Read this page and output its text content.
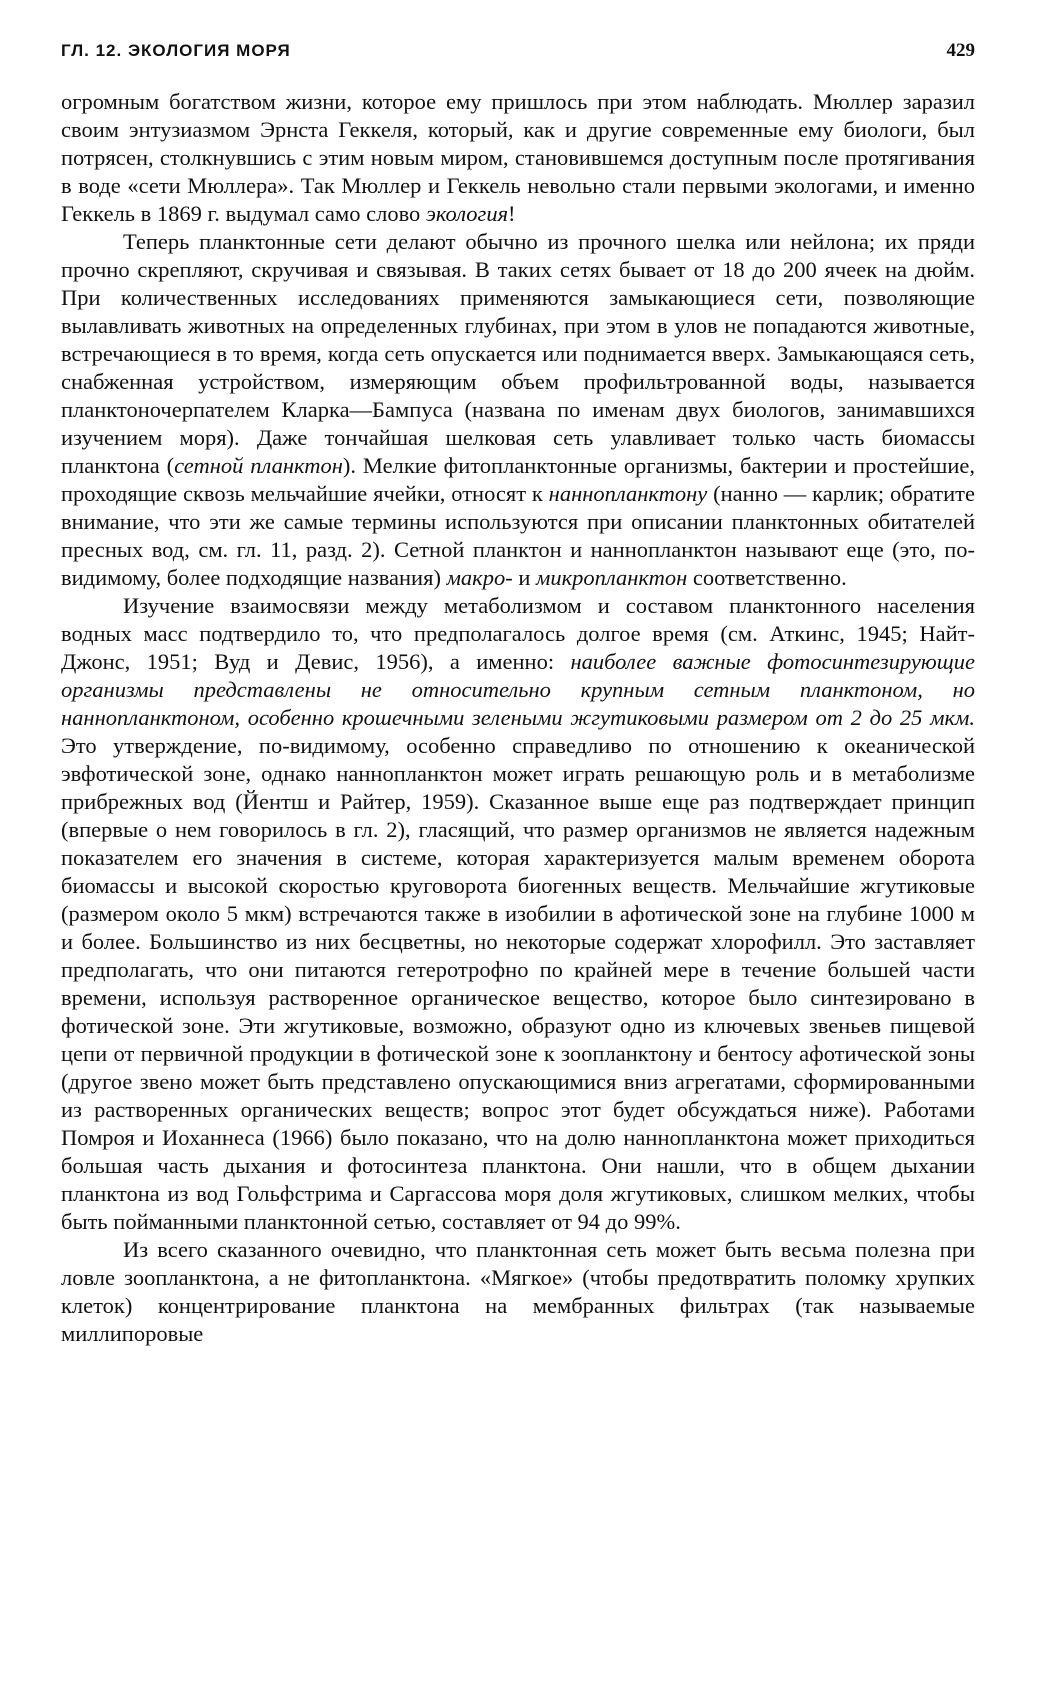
ГЛ. 12. ЭКОЛОГИЯ МОРЯ	429

огромным богатством жизни, которое ему пришлось при этом наблюдать. Мюллер заразил своим энтузиазмом Эрнста Геккеля, который, как и другие современные ему биологи, был потрясен, столкнувшись с этим новым миром, становившемся доступным после протягивания в воде «сети Мюллера». Так Мюллер и Геккель невольно стали первыми экологами, и именно Геккель в 1869 г. выдумал само слово экология!

Теперь планктонные сети делают обычно из прочного шелка или нейлона; их пряди прочно скрепляют, скручивая и связывая. В таких сетях бывает от 18 до 200 ячеек на дюйм. При количественных исследованиях применяются замыкающиеся сети, позволяющие вылавливать животных на определенных глубинах, при этом в улов не попадаются животные, встречающиеся в то время, когда сеть опускается или поднимается вверх. Замыкающаяся сеть, снабженная устройством, измеряющим объем профильтрованной воды, называется планктоночерпателем Кларка—Бампуса (названа по именам двух биологов, занимавшихся изучением моря). Даже тончайшая шелковая сеть улавливает только часть биомассы планктона (сетной планктон). Мелкие фитопланктонные организмы, бактерии и простейшие, проходящие сквозь мельчайшие ячейки, относят к наннопланктону (нанно — карлик; обратите внимание, что эти же самые термины используются при описании планктонных обитателей пресных вод, см. гл. 11, разд. 2). Сетной планктон и наннопланктон называют еще (это, по-видимому, более подходящие названия) макро- и микропланктон соответственно.

Изучение взаимосвязи между метаболизмом и составом планктонного населения водных масс подтвердило то, что предполагалось долгое время (см. Аткинс, 1945; Найт-Джонс, 1951; Вуд и Девис, 1956), а именно: наиболее важные фотосинтезирующие организмы представлены не относительно крупным сетным планктоном, но наннопланктоном, особенно крошечными зелеными жгутиковыми размером от 2 до 25 мкм. Это утверждение, по-видимому, особенно справедливо по отношению к океанической эвфотической зоне, однако наннопланктон может играть решающую роль и в метаболизме прибрежных вод (Йентш и Райтер, 1959). Сказанное выше еще раз подтверждает принцип (впервые о нем говорилось в гл. 2), гласящий, что размер организмов не является надежным показателем его значения в системе, которая характеризуется малым временем оборота биомассы и высокой скоростью круговорота биогенных веществ. Мельчайшие жгутиковые (размером около 5 мкм) встречаются также в изобилии в афотической зоне на глубине 1000 м и более. Большинство из них бесцветны, но некоторые содержат хлорофилл. Это заставляет предполагать, что они питаются гетеротрофно по крайней мере в течение большей части времени, используя растворенное органическое вещество, которое было синтезировано в фотической зоне. Эти жгутиковые, возможно, образуют одно из ключевых звеньев пищевой цепи от первичной продукции в фотической зоне к зоопланктону и бентосу афотической зоны (другое звено может быть представлено опускающимися вниз агрегатами, сформированными из растворенных органических веществ; вопрос этот будет обсуждаться ниже). Работами Помроя и Иоханнеса (1966) было показано, что на долю наннопланктона может приходиться большая часть дыхания и фотосинтеза планктона. Они нашли, что в общем дыхании планктона из вод Гольфстрима и Саргассова моря доля жгутиковых, слишком мелких, чтобы быть пойманными планктонной сетью, составляет от 94 до 99%.

Из всего сказанного очевидно, что планктонная сеть может быть весьма полезна при ловле зоопланктона, а не фитопланктона. «Мягкое» (чтобы предотвратить поломку хрупких клеток) концентрирование планктона на мембранных фильтрах (так называемые миллипоровые
